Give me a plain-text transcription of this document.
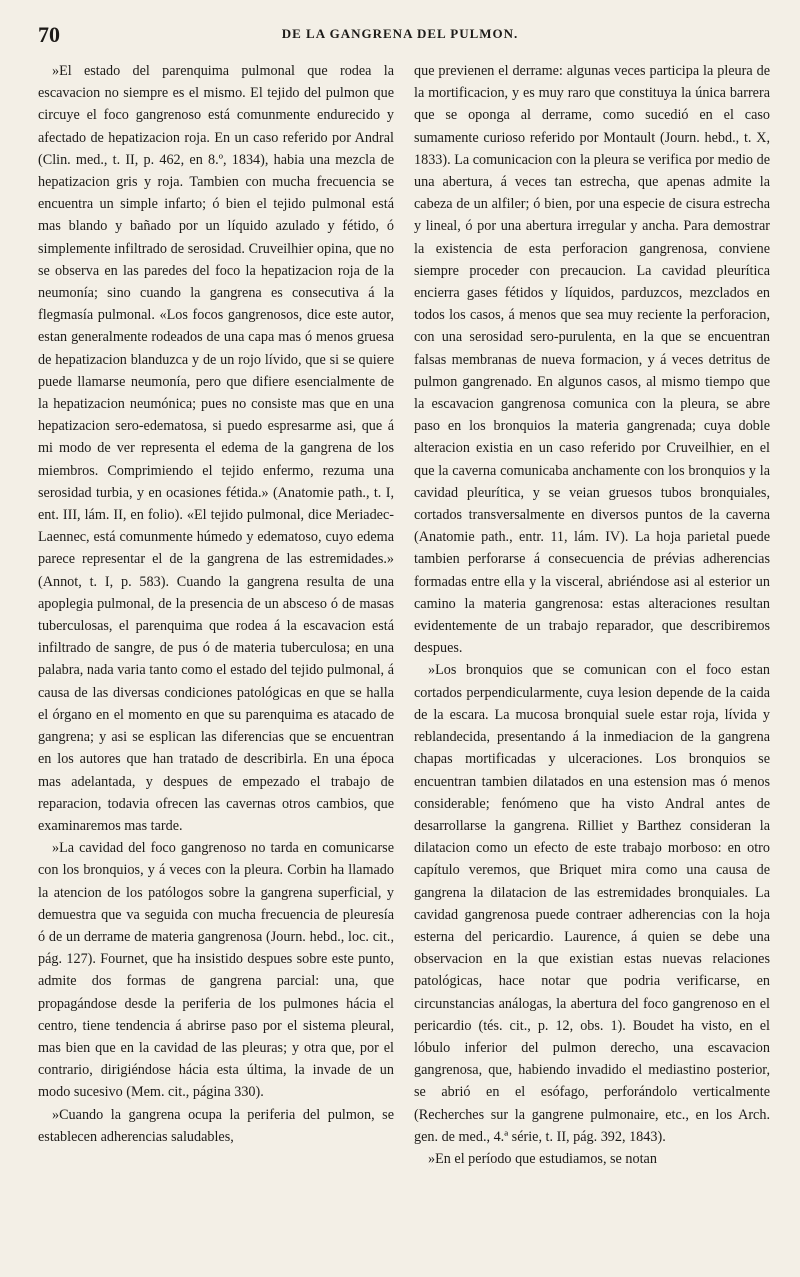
70	DE LA GANGRENA DEL PULMON.

»El estado del parenquima pulmonal que rodea la escavacion no siempre es el mismo. El tejido del pulmon que circuye el foco gangrenoso está comunmente endurecido y afectado de hepatizacion roja. En un caso referido por Andral (Clin. med., t. II, p. 462, en 8.º, 1834), habia una mezcla de hepatizacion gris y roja. Tambien con mucha frecuencia se encuentra un simple infarto; ó bien el tejido pulmonal está mas blando y bañado por un líquido azulado y fétido, ó simplemente infiltrado de serosidad. Cruveilhier opina, que no se observa en las paredes del foco la hepatizacion roja de la neumonía; sino cuando la gangrena es consecutiva á la flegmasía pulmonal. «Los focos gangrenosos, dice este autor, estan generalmente rodeados de una capa mas ó menos gruesa de hepatizacion blanduzca y de un rojo lívido, que si se quiere puede llamarse neumonía, pero que difiere esencialmente de la hepatizacion neumónica; pues no consiste mas que en una hepatizacion sero-edematosa, si puedo espresarme asi, que á mi modo de ver representa el edema de la gangrena de los miembros. Comprimiendo el tejido enfermo, rezuma una serosidad turbia, y en ocasiones fétida.» (Anatomie path., t. I, ent. III, lám. II, en folio). «El tejido pulmonal, dice Meriadec-Laennec, está comunmente húmedo y edematoso, cuyo edema parece representar el de la gangrena de las estremidades.» (Annot, t. I, p. 583). Cuando la gangrena resulta de una apoplegia pulmonal, de la presencia de un absceso ó de masas tuberculosas, el parenquima que rodea á la escavacion está infiltrado de sangre, de pus ó de materia tuberculosa; en una palabra, nada varia tanto como el estado del tejido pulmonal, á causa de las diversas condiciones patológicas en que se halla el órgano en el momento en que su parenquima es atacado de gangrena; y asi se esplican las diferencias que se encuentran en los autores que han tratado de describirla. En una época mas adelantada, y despues de empezado el trabajo de reparacion, todavia ofrecen las cavernas otros cambios, que examinaremos mas tarde.

»La cavidad del foco gangrenoso no tarda en comunicarse con los bronquios, y á veces con la pleura. Corbin ha llamado la atencion de los patólogos sobre la gangrena superficial, y demuestra que va seguida con mucha frecuencia de pleuresía ó de un derrame de materia gangrenosa (Journ. hebd., loc. cit., pág. 127). Fournet, que ha insistido despues sobre este punto, admite dos formas de gangrena parcial: una, que propagándose desde la periferia de los pulmones hácia el centro, tiene tendencia á abrirse paso por el sistema pleural, mas bien que en la cavidad de las pleuras; y otra que, por el contrario, dirigiéndose hácia esta última, la invade de un modo sucesivo (Mem. cit., página 330).

»Cuando la gangrena ocupa la periferia del pulmon, se establecen adherencias saludables,

que previenen el derrame: algunas veces participa la pleura de la mortificacion, y es muy raro que constituya la única barrera que se oponga al derrame, como sucedió en el caso sumamente curioso referido por Montault (Journ. hebd., t. X, 1833). La comunicacion con la pleura se verifica por medio de una abertura, á veces tan estrecha, que apenas admite la cabeza de un alfiler; ó bien, por una especie de cisura estrecha y lineal, ó por una abertura irregular y ancha. Para demostrar la existencia de esta perforacion gangrenosa, conviene siempre proceder con precaucion. La cavidad pleurítica encierra gases fétidos y líquidos, parduzcos, mezclados en todos los casos, á menos que sea muy reciente la perforacion, con una serosidad sero-purulenta, en la que se encuentran falsas membranas de nueva formacion, y á veces detritus de pulmon gangrenado. En algunos casos, al mismo tiempo que la escavacion gangrenosa comunica con la pleura, se abre paso en los bronquios la materia gangrenada; cuya doble alteracion existia en un caso referido por Cruveilhier, en el que la caverna comunicaba anchamente con los bronquios y la cavidad pleurítica, y se veian gruesos tubos bronquiales, cortados transversalmente en diversos puntos de la caverna (Anatomie path., entr. 11, lám. IV). La hoja parietal puede tambien perforarse á consecuencia de prévias adherencias formadas entre ella y la visceral, abriéndose asi al esterior un camino la materia gangrenosa: estas alteraciones resultan evidentemente de un trabajo reparador, que describiremos despues.

»Los bronquios que se comunican con el foco estan cortados perpendicularmente, cuya lesion depende de la caida de la escara. La mucosa bronquial suele estar roja, lívida y reblandecida, presentando á la inmediacion de la gangrena chapas mortificadas y ulceraciones. Los bronquios se encuentran tambien dilatados en una estension mas ó menos considerable; fenómeno que ha visto Andral antes de desarrollarse la gangrena. Rilliet y Barthez consideran la dilatacion como un efecto de este trabajo morboso: en otro capítulo veremos, que Briquet mira como una causa de gangrena la dilatacion de las estremidades bronquiales. La cavidad gangrenosa puede contraer adherencias con la hoja esterna del pericardio. Laurence, á quien se debe una observacion en la que existian estas nuevas relaciones patológicas, hace notar que podria verificarse, en circunstancias análogas, la abertura del foco gangrenoso en el pericardio (tés. cit., p. 12, obs. 1). Boudet ha visto, en el lóbulo inferior del pulmon derecho, una escavacion gangrenosa, que, habiendo invadido el mediastino posterior, se abrió en el esófago, perforándolo verticalmente (Recherches sur la gangrene pulmonaire, etc., en los Arch. gen. de med., 4.ª série, t. II, pág. 392, 1843).

»En el período que estudiamos, se notan
